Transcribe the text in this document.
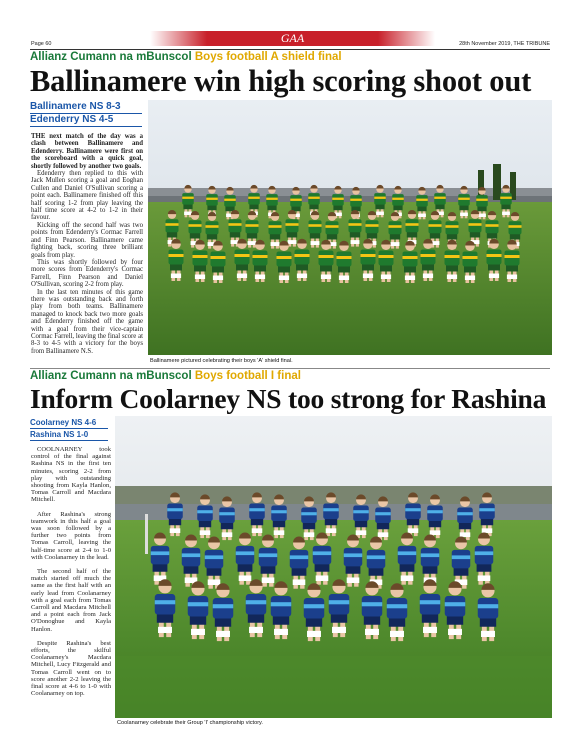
GAA
Page 60	28th November 2019, THE TRIBUNE
Allianz Cumann na mBunscol Boys football A shield final
Ballinamere win high scoring shoot out
Ballinamere NS 8-3
Edenderry NS 4-5

THE next match of the day was a clash between Ballinamere and Edenderry. Ballinamere were first on the scoreboard with a quick goal, shortly followed by another two goals.

Edenderry then replied to this with Jack Mullen scoring a goal and Eoghan Cullen and Daniel O'Sullivan scoring a point each. Ballinamere finished off this half scoring 1-2 from play leaving the half time score at 4-2 to 1-2 in their favour.

Kicking off the second half was two points from Edenderry's Cormac Farrell and Finn Pearson. Ballinamere came fighting back, scoring three brilliant goals from play.

This was shortly followed by four more scores from Edenderry's Cormac Farrell, Finn Pearson and Daniel O'Sullivan, scoring 2-2 from play.

In the last ten minutes of this game there was outstanding back and forth play from both teams. Ballinamere managed to knock back two more goals and Edenderry finished off the game with a goal from their vice-captain Cormac Farrell, leaving the final score at 8-3 to 4-5 with a victory for the boys from Ballinamere N.S.

Ballinamere pictured celebrating their boys 'A' shield final.
Allianz Cumann na mBunscol Boys football I final
Inform Coolarney NS too strong for Rashina
Coolarney NS 4-6
Rashina NS 1-0

COOLNARNEY took control of the final against Rashina NS in the first ten minutes, scoring 2-2 from play with outstanding shooting from Kayla Hanlon, Tomas Carroll and Macdara Mitchell.

After Rashina's strong teamwork in this half a goal was soon followed by a further two points from Tomas Carroll, leaving the half-time score at 2-4 to 1-0 with Coolanarney in the lead.

The second half of the match started off much the same as the first half with an early lead from Coolanarney with a goal each from Tomas Carroll and Macdara Mitchell and a point each from Jack O'Donoghue and Kayla Hanlon.

Despite Rashina's best efforts, the skilful Coolanarney's Macdara Mitchell, Lucy Fitzgerald and Tomas Carroll went on to score another 2-2 leaving the final score at 4-6 to 1-0 with Coolanarney on top.

Coolanarney celebrate their Group 'I' championship victory.
